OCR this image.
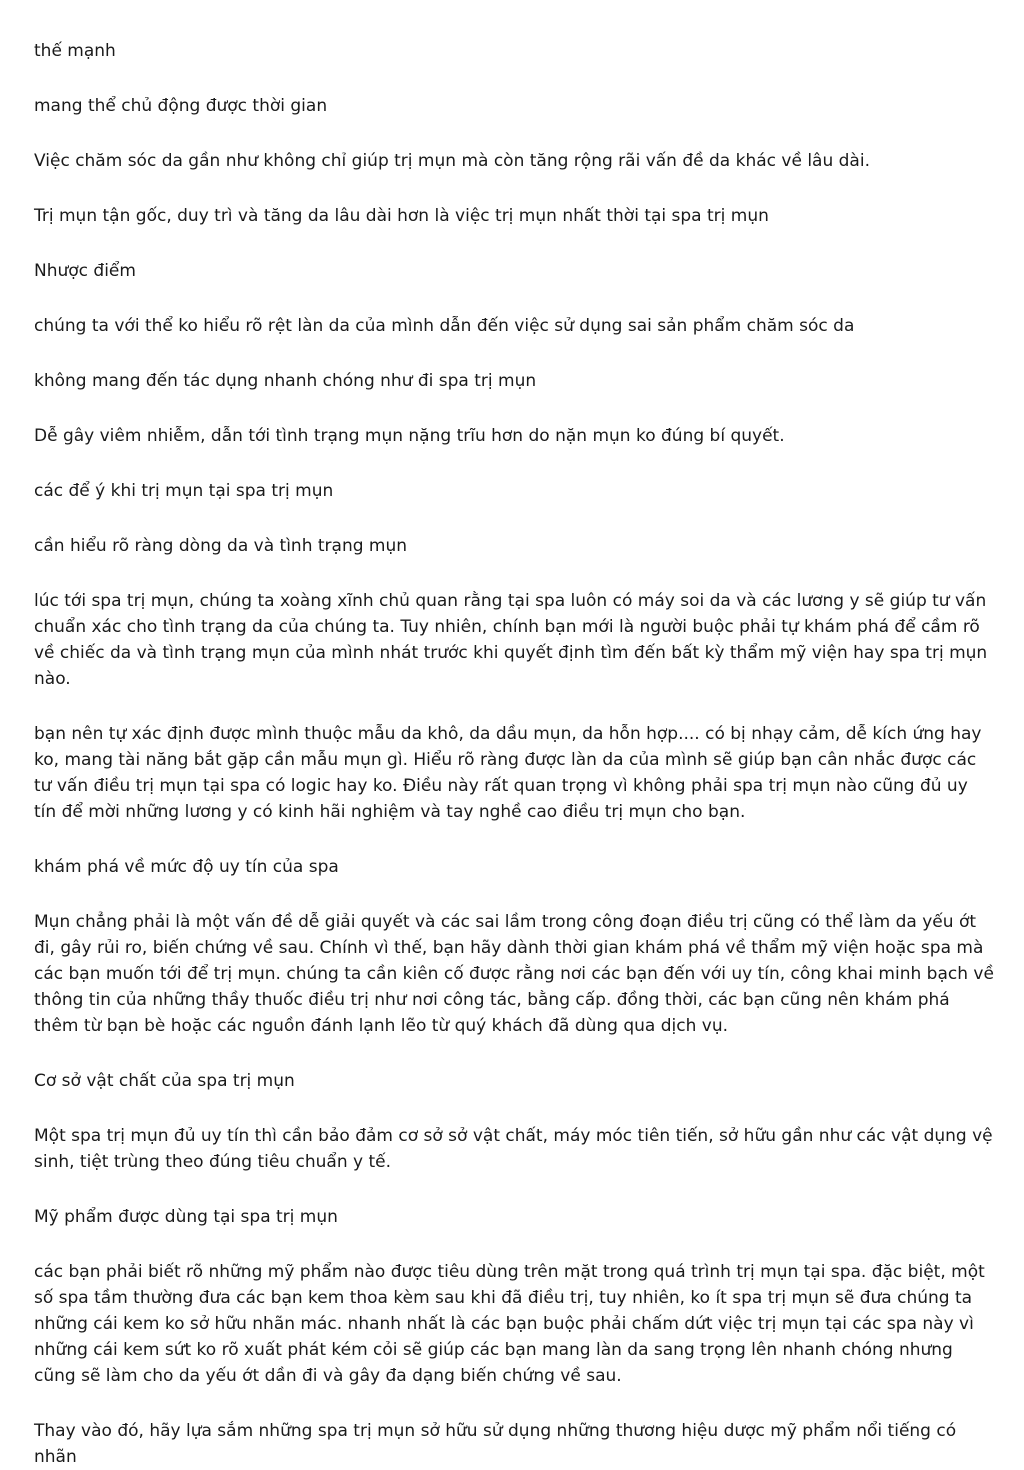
thế mạnh

mang thể chủ động được thời gian

Việc chăm sóc da gần như không chỉ giúp trị mụn mà còn tăng rộng rãi vấn đề da khác về lâu dài.

Trị mụn tận gốc, duy trì và tăng da lâu dài hơn là việc trị mụn nhất thời tại spa trị mụn

Nhược điểm

chúng ta với thể ko hiểu rõ rệt làn da của mình dẫn đến việc sử dụng sai sản phẩm chăm sóc da

không mang đến tác dụng nhanh chóng như đi spa trị mụn

Dễ gây viêm nhiễm, dẫn tới tình trạng mụn nặng trĩu hơn do nặn mụn ko đúng bí quyết.

các để ý khi trị mụn tại spa trị mụn

cần hiểu rõ ràng dòng da và tình trạng mụn

lúc tới spa trị mụn, chúng ta xoàng xĩnh chủ quan rằng tại spa luôn có máy soi da và các lương y sẽ giúp tư vấn chuẩn xác cho tình trạng da của chúng ta. Tuy nhiên, chính bạn mới là người buộc phải tự khám phá để cầm rõ về chiếc da và tình trạng mụn của mình nhát trước khi quyết định tìm đến bất kỳ thẩm mỹ viện hay spa trị mụn nào.

bạn nên tự xác định được mình thuộc mẫu da khô, da dầu mụn, da hỗn hợp.... có bị nhạy cảm, dễ kích ứng hay ko, mang tài năng bắt gặp cần mẫu mụn gì. Hiểu rõ ràng được làn da của mình sẽ giúp bạn cân nhắc được các tư vấn điều trị mụn tại spa có logic hay ko. Điều này rất quan trọng vì không phải spa trị mụn nào cũng đủ uy tín để mời những lương y có kinh hãi nghiệm và tay nghề cao điều trị mụn cho bạn.

khám phá về mức độ uy tín của spa

Mụn chẳng phải là một vấn đề dễ giải quyết và các sai lầm trong công đoạn điều trị cũng có thể làm da yếu ớt đi, gây rủi ro, biến chứng về sau. Chính vì thế, bạn hãy dành thời gian khám phá về thẩm mỹ viện hoặc spa mà các bạn muốn tới để trị mụn. chúng ta cần kiên cố được rằng nơi các bạn đến với uy tín, công khai minh bạch về thông tin của những thầy thuốc điều trị như nơi công tác, bằng cấp. đồng thời, các bạn cũng nên khám phá thêm từ bạn bè hoặc các nguồn đánh lạnh lẽo từ quý khách đã dùng qua dịch vụ.

Cơ sở vật chất của spa trị mụn

Một spa trị mụn đủ uy tín thì cần bảo đảm cơ sở sở vật chất, máy móc tiên tiến, sở hữu gần như các vật dụng vệ sinh, tiệt trùng theo đúng tiêu chuẩn y tế.

Mỹ phẩm được dùng tại spa trị mụn

các bạn phải biết rõ những mỹ phẩm nào được tiêu dùng trên mặt trong quá trình trị mụn tại spa. đặc biệt, một số spa tầm thường đưa các bạn kem thoa kèm sau khi đã điều trị, tuy nhiên, ko ít spa trị mụn sẽ đưa chúng ta những cái kem ko sở hữu nhãn mác. nhanh nhất là các bạn buộc phải chấm dứt việc trị mụn tại các spa này vì những cái kem sứt ko rõ xuất phát kém cỏi sẽ giúp các bạn mang làn da sang trọng lên nhanh chóng nhưng cũng sẽ làm cho da yếu ớt dần đi và gây đa dạng biến chứng về sau.

Thay vào đó, hãy lựa sắm những spa trị mụn sở hữu sử dụng những thương hiệu dược mỹ phẩm nổi tiếng có nhãn
